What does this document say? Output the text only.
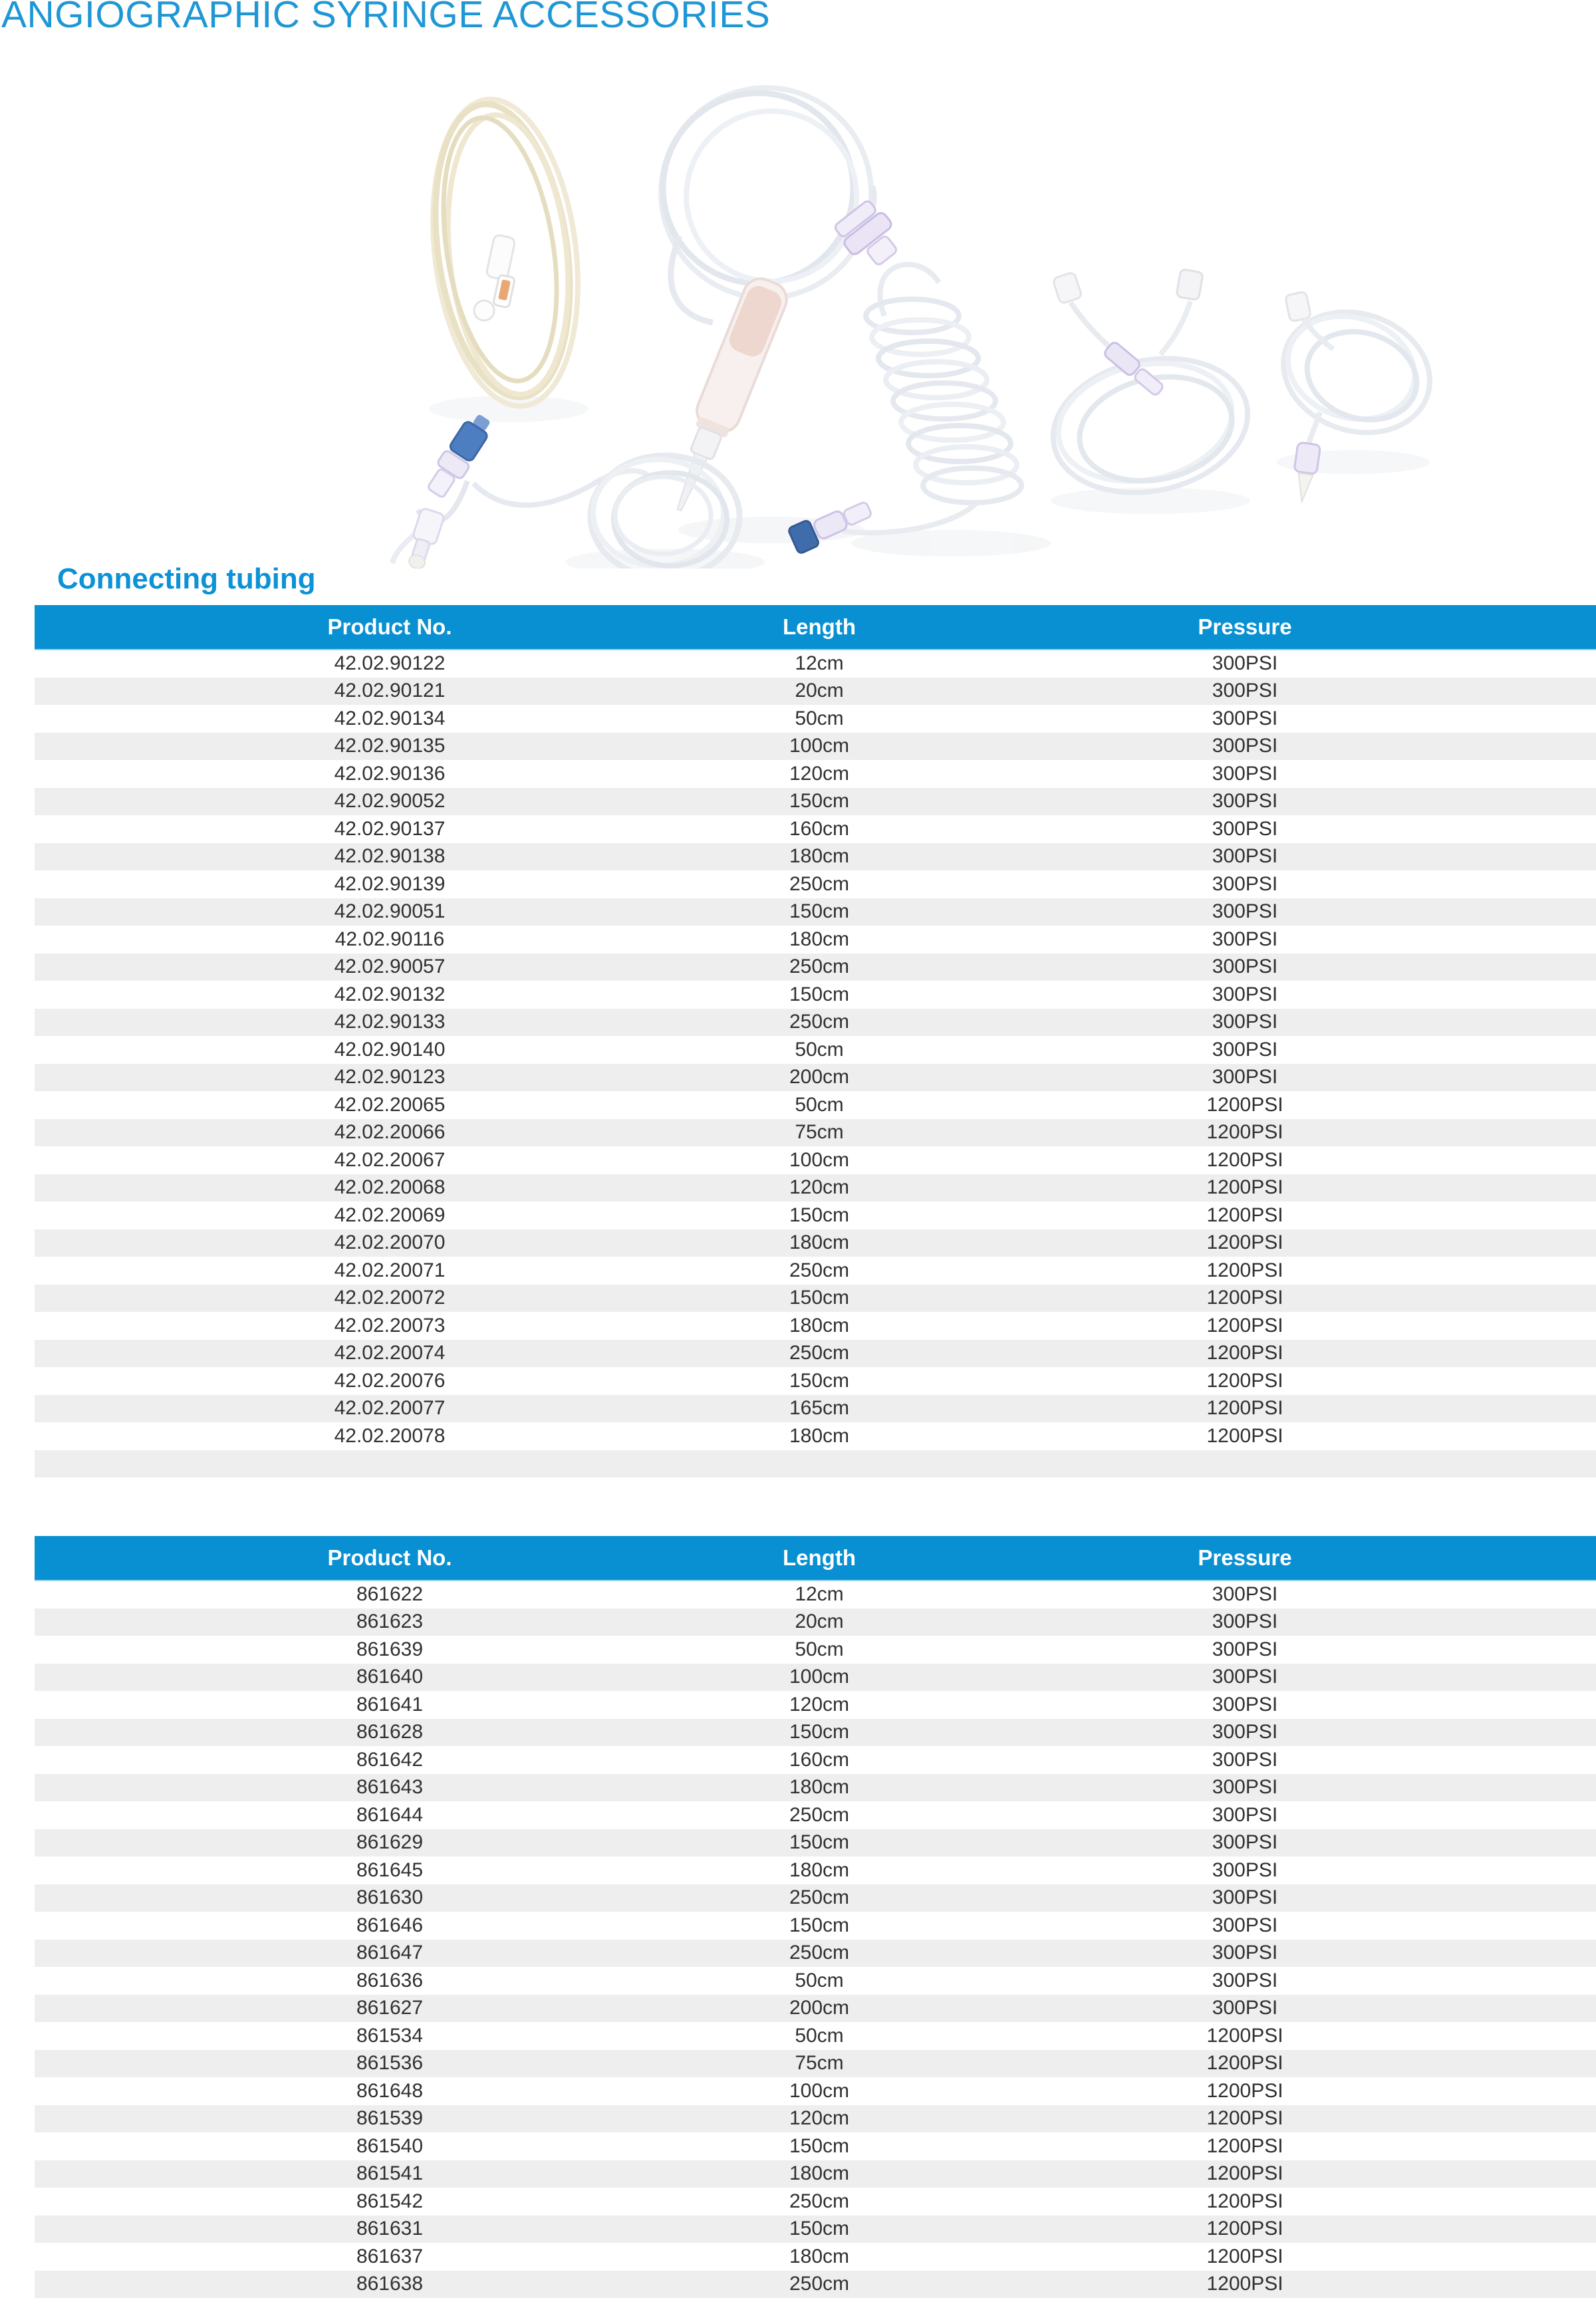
ANGIOGRAPHIC SYRINGE ACCESSORIES
Connecting tubing
Product No.	Length	Pressure
42.02.90122	12cm	300PSI
42.02.90121	20cm	300PSI
42.02.90134	50cm	300PSI
42.02.90135	100cm	300PSI
42.02.90136	120cm	300PSI
42.02.90052	150cm	300PSI
42.02.90137	160cm	300PSI
42.02.90138	180cm	300PSI
42.02.90139	250cm	300PSI
42.02.90051	150cm	300PSI
42.02.90116	180cm	300PSI
42.02.90057	250cm	300PSI
42.02.90132	150cm	300PSI
42.02.90133	250cm	300PSI
42.02.90140	50cm	300PSI
42.02.90123	200cm	300PSI
42.02.20065	50cm	1200PSI
42.02.20066	75cm	1200PSI
42.02.20067	100cm	1200PSI
42.02.20068	120cm	1200PSI
42.02.20069	150cm	1200PSI
42.02.20070	180cm	1200PSI
42.02.20071	250cm	1200PSI
42.02.20072	150cm	1200PSI
42.02.20073	180cm	1200PSI
42.02.20074	250cm	1200PSI
42.02.20076	150cm	1200PSI
42.02.20077	165cm	1200PSI
42.02.20078	180cm	1200PSI

Product No.	Length	Pressure
861622	12cm	300PSI
861623	20cm	300PSI
861639	50cm	300PSI
861640	100cm	300PSI
861641	120cm	300PSI
861628	150cm	300PSI
861642	160cm	300PSI
861643	180cm	300PSI
861644	250cm	300PSI
861629	150cm	300PSI
861645	180cm	300PSI
861630	250cm	300PSI
861646	150cm	300PSI
861647	250cm	300PSI
861636	50cm	300PSI
861627	200cm	300PSI
861534	50cm	1200PSI
861536	75cm	1200PSI
861648	100cm	1200PSI
861539	120cm	1200PSI
861540	150cm	1200PSI
861541	180cm	1200PSI
861542	250cm	1200PSI
861631	150cm	1200PSI
861637	180cm	1200PSI
861638	250cm	1200PSI
